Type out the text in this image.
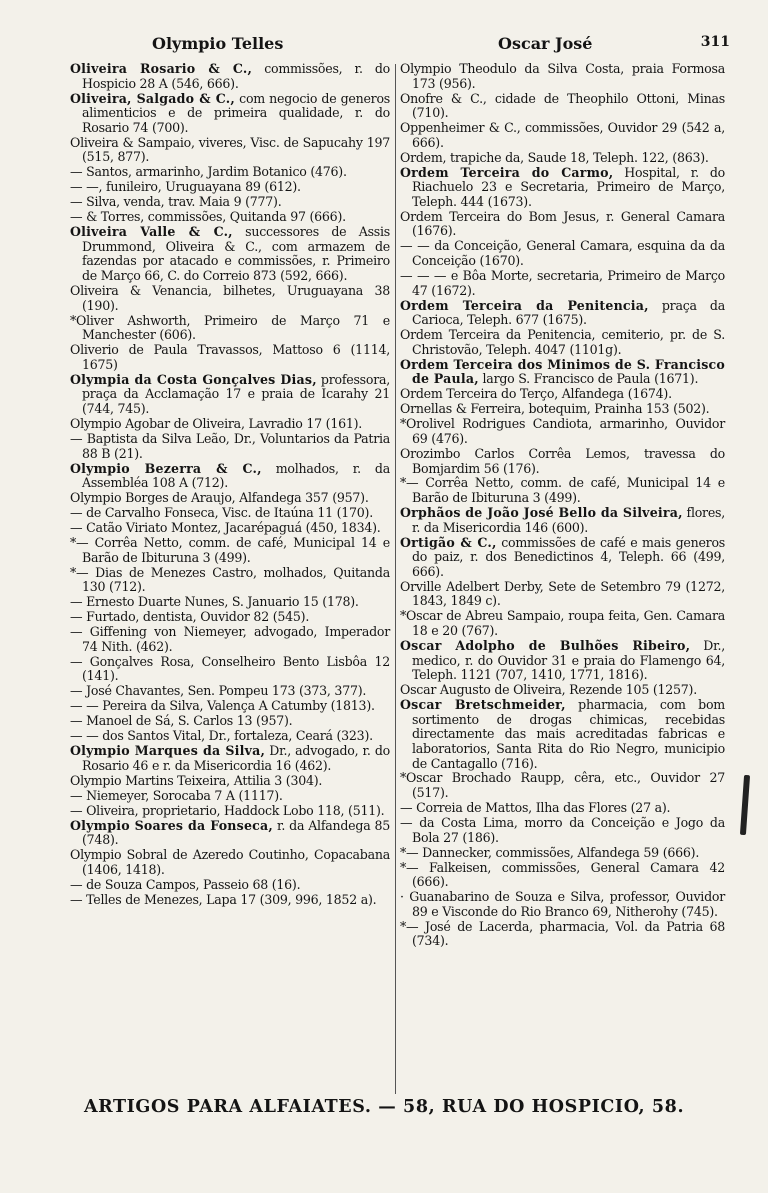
Olympio Telles	Oscar José	311

Oliveira Rosario & C., commissões, r. do Hospicio 28 A (546, 666).

Oliveira, Salgado & C., com negocio de generos alimenticios e de primeira qualidade, r. do Rosario 74 (700).

Oliveira & Sampaio, viveres, Visc. de Sapucahy 197 (515, 877).

— Santos, armarinho, Jardim Botanico (476).

— —, funileiro, Uruguayana 89 (612).

— Silva, venda, trav. Maia 9 (777).

— & Torres, commissões, Quitanda 97 (666).

Oliveira Valle & C., successores de Assis Drummond, Oliveira & C., com armazem de fazendas por atacado e commissões, r. Primeiro de Março 66, C. do Correio 873 (592, 666).

Oliveira & Venancia, bilhetes, Uruguayana 38 (190).

*Oliver Ashworth, Primeiro de Março 71 e Manchester (606).

Oliverio de Paula Travassos, Mattoso 6 (1114, 1675)

Olympia da Costa Gonçalves Dias, professora, praça da Acclamação 17 e praia de Icarahy 21 (744, 745).

Olympio Agobar de Oliveira, Lavradio 17 (161).

— Baptista da Silva Leão, Dr., Voluntarios da Patria 88 B (21).

Olympio Bezerra & C., molhados, r. da Assembléa 108 A (712).

Olympio Borges de Araujo, Alfandega 357 (957).

— de Carvalho Fonseca, Visc. de Itaúna 11 (170).

— Catão Viriato Montez, Jacarépaguá (450, 1834).

*— Corrêa Netto, comm. de café, Municipal 14 e Barão de Ibituruna 3 (499).

*— Dias de Menezes Castro, molhados, Quitanda 130 (712).

— Ernesto Duarte Nunes, S. Januario 15 (178).

— Furtado, dentista, Ouvidor 82 (545).

— Giffening von Niemeyer, advogado, Imperador 74 Nith. (462).

— Gonçalves Rosa, Conselheiro Bento Lisbôa 12 (141).

— José Chavantes, Sen. Pompeu 173 (373, 377).

— — Pereira da Silva, Valença A Catumby (1813).

— Manoel de Sá, S. Carlos 13 (957).

— — dos Santos Vital, Dr., fortaleza, Ceará (323).

Olympio Marques da Silva, Dr., advogado, r. do Rosario 46 e r. da Misericordia 16 (462).

Olympio Martins Teixeira, Attilia 3 (304).

— Niemeyer, Sorocaba 7 A (1117).

— Oliveira, proprietario, Haddock Lobo 118, (511).

Olympio Soares da Fonseca, r. da Alfandega 85 (748).

Olympio Sobral de Azeredo Coutinho, Copacabana (1406, 1418).

— de Souza Campos, Passeio 68 (16).

— Telles de Menezes, Lapa 17 (309, 996, 1852 a).

Olympio Theodulo da Silva Costa, praia Formosa 173 (956).

Onofre & C., cidade de Theophilo Ottoni, Minas (710).

Oppenheimer & C., commissões, Ouvidor 29 (542 a, 666).

Ordem, trapiche da, Saude 18, Teleph. 122, (863).

Ordem Terceira do Carmo, Hospital, r. do Riachuelo 23 e Secretaria, Primeiro de Março, Teleph. 444 (1673).

Ordem Terceira do Bom Jesus, r. General Camara (1676).

— — da Conceição, General Camara, esquina da da Conceição (1670).

— — — e Bôa Morte, secretaria, Primeiro de Março 47 (1672).

Ordem Terceira da Penitencia, praça da Carioca, Teleph. 677 (1675).

Ordem Terceira da Penitencia, cemiterio, pr. de S. Christovão, Teleph. 4047 (1101g).

Ordem Terceira dos Minimos de S. Francisco de Paula, largo S. Francisco de Paula (1671).

Ordem Terceira do Terço, Alfandega (1674).

Ornellas & Ferreira, botequim, Prainha 153 (502).

*Orolivel Rodrigues Candiota, armarinho, Ouvidor 69 (476).

Orozimbo Carlos Corrêa Lemos, travessa do Bomjardim 56 (176).

*— Corrêa Netto, comm. de café, Municipal 14 e Barão de Ibituruna 3 (499).

Orphãos de João José Bello da Silveira, flores, r. da Misericordia 146 (600).

Ortigão & C., commissões de café e mais generos do paiz, r. dos Benedictinos 4, Teleph. 66 (499, 666).

Orville Adelbert Derby, Sete de Setembro 79 (1272, 1843, 1849 c).

*Oscar de Abreu Sampaio, roupa feita, Gen. Camara 18 e 20 (767).

Oscar Adolpho de Bulhões Ribeiro, Dr., medico, r. do Ouvidor 31 e praia do Flamengo 64, Teleph. 1121 (707, 1410, 1771, 1816).

Oscar Augusto de Oliveira, Rezende 105 (1257).

Oscar Bretschmeider, pharmacia, com bom sortimento de drogas chimicas, recebidas directamente das mais acreditadas fabricas e laboratorios, Santa Rita do Rio Negro, municipio de Cantagallo (716).

*Oscar Brochado Raupp, cêra, etc., Ouvidor 27 (517).

— Correia de Mattos, Ilha das Flores (27 a).

— da Costa Lima, morro da Conceição e Jogo da Bola 27 (186).

*— Dannecker, commissões, Alfandega 59 (666).

*— Falkeisen, commissões, General Camara 42 (666).

· Guanabarino de Souza e Silva, professor, Ouvidor 89 e Visconde do Rio Branco 69, Nitherohy (745).

*— José de Lacerda, pharmacia, Vol. da Patria 68 (734).

ARTIGOS PARA ALFAIATES. — 58, RUA DO HOSPICIO, 58.
